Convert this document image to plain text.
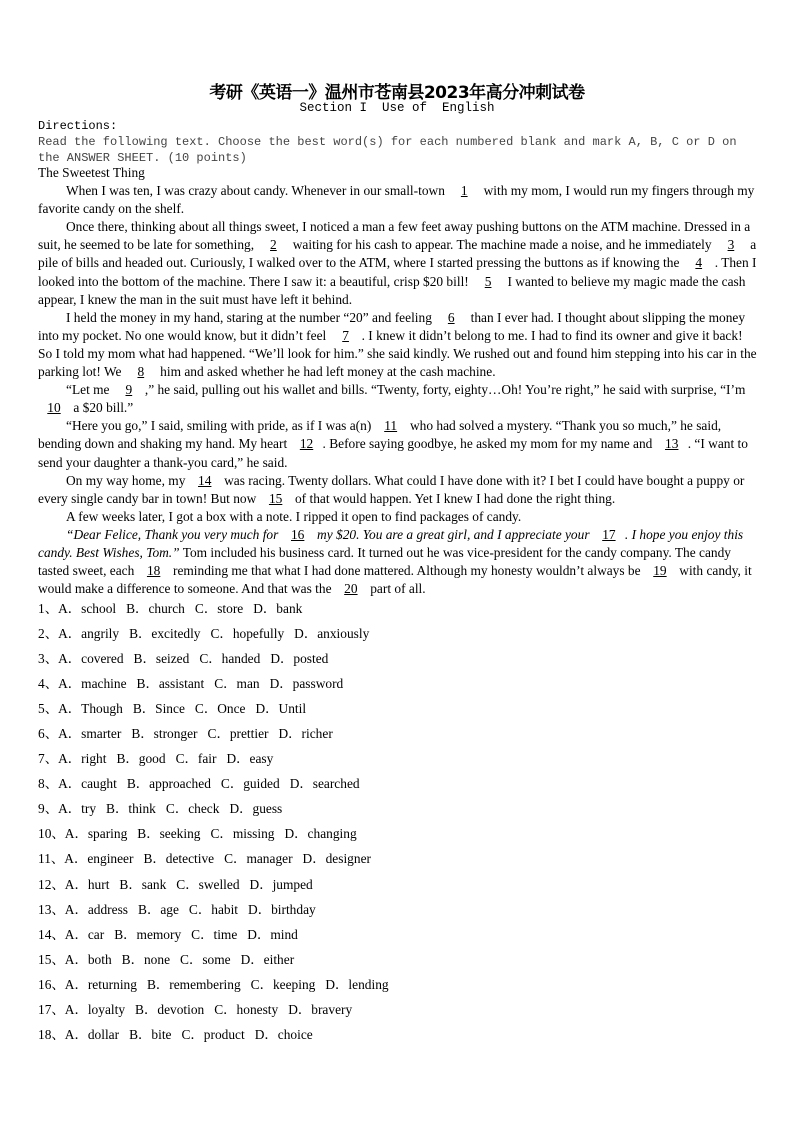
考研《英语一》温州市苍南县2023年高分冲刺试卷
Section I  Use of  English
Directions:
Read the following text. Choose the best word(s) for each numbered blank and mark A, B, C or D on the ANSWER SHEET. (10 points)

The Sweetest Thing

When I was ten, I was crazy about candy. Whenever in our small-town 1 with my mom, I would run my fingers through my favorite candy on the shelf.

Once there, thinking about all things sweet, I noticed a man a few feet away pushing buttons on the ATM machine. Dressed in a suit, he seemed to be late for something, 2 waiting for his cash to appear. The machine made a noise, and he immediately 3 a pile of bills and headed out. Curiously, I walked over to the ATM, where I started pressing the buttons as if knowing the 4 . Then I looked into the bottom of the machine. There I saw it: a beautiful, crisp $20 bill! 5 I wanted to believe my magic made the cash appear, I knew the man in the suit must have left it behind.

I held the money in my hand, staring at the number “20” and feeling 6 than I ever had. I thought about slipping the money into my pocket. No one would know, but it didn’t feel 7 . I knew it didn’t belong to me. I had to find its owner and give it back! So I told my mom what had happened. “We’ll look for him.” she said kindly. We rushed out and found him stepping into his car in the parking lot! We 8 him and asked whether he had left money at the cash machine.

“Let me 9 ,” he said, pulling out his wallet and bills. “Twenty, forty, eighty…Oh! You’re right,” he said with surprise, “I’m 10 a $20 bill.”

“Here you go,” I said, smiling with pride, as if I was a(n) 11 who had solved a mystery. “Thank you so much,” he said, bending down and shaking my hand. My heart 12 . Before saying goodbye, he asked my mom for my name and 13 . “I want to send your daughter a thank-you card,” he said.

On my way home, my 14 was racing. Twenty dollars. What could I have done with it? I bet I could have bought a puppy or every single candy bar in town! But now 15 of that would happen. Yet I knew I had done the right thing.

A few weeks later, I got a box with a note. I ripped it open to find packages of candy.

“Dear Felice, Thank you very much for 16 my $20. You are a great girl, and I appreciate your 17 . I hope you enjoy this candy. Best Wishes, Tom.” Tom included his business card. It turned out he was vice-president for the candy company. The candy tasted sweet, each 18 reminding me that what I had done mattered. Although my honesty wouldn’t always be 19 with candy, it would make a difference to someone. And that was the 20 part of all.

1、A．school B．church C．store D．bank
2、A．angrily B．excitedly C．hopefully D．anxiously
3、A．covered B．seized C．handed D．posted
4、A．machine B．assistant C．man D．password
5、A．Though B．Since C．Once D．Until
6、A．smarter B．stronger C．prettier D．richer
7、A．right B．good C．fair D．easy
8、A．caught B．approached C．guided D．searched
9、A．try B．think C．check D．guess
10、A．sparing B．seeking C．missing D．changing
11、A．engineer B．detective C．manager D．designer
12、A．hurt B．sank C．swelled D．jumped
13、A．address B．age C．habit D．birthday
14、A．car B．memory C．time D．mind
15、A．both B．none C．some D．either
16、A．returning B．remembering C．keeping D．lending
17、A．loyalty B．devotion C．honesty D．bravery
18、A．dollar B．bite C．product D．choice
